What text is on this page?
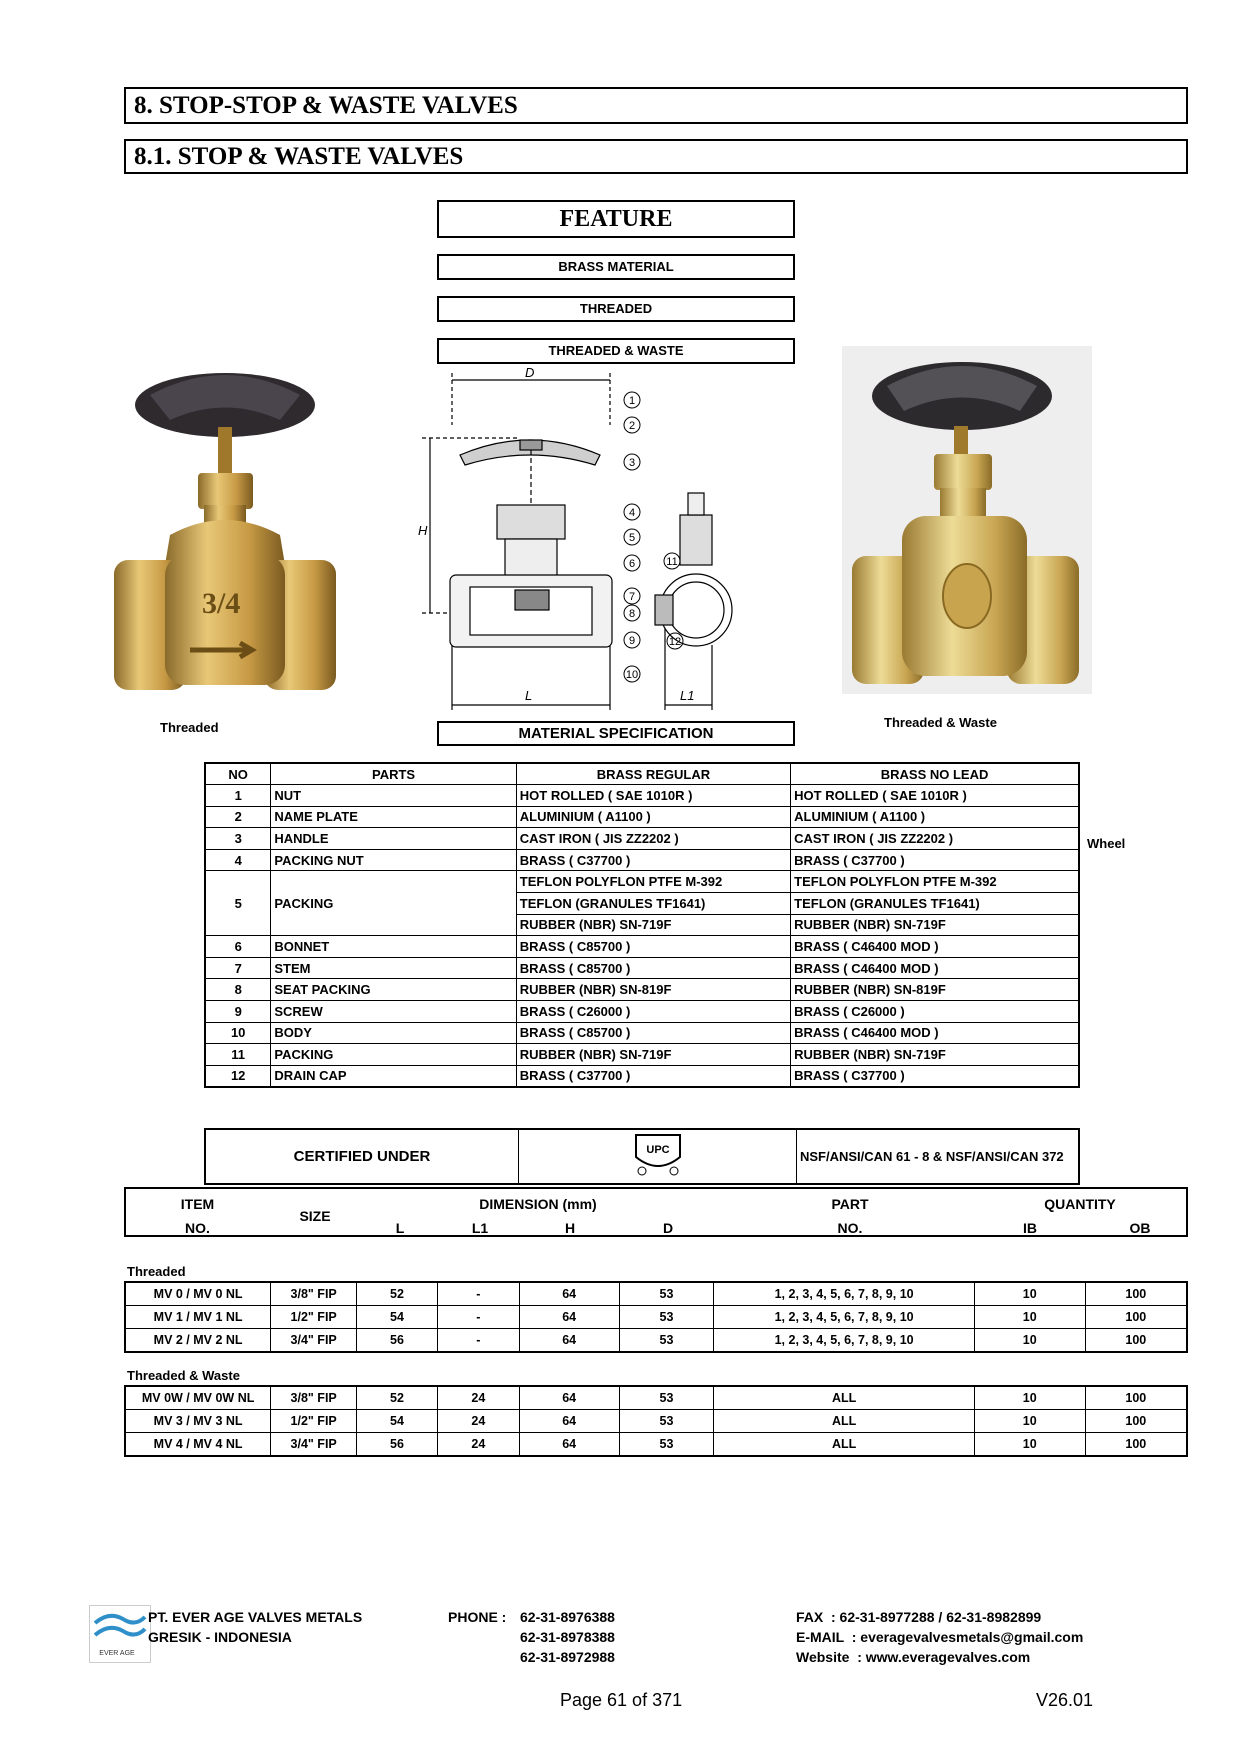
8. STOP-STOP & WASTE VALVES
8.1. STOP & WASTE VALVES
FEATURE
BRASS MATERIAL
THREADED
THREADED & WASTE
3/4
Threaded
D
H
L	L1
1
2
3
4
5
6
7
8
9
10
11
12
Threaded & Waste
MATERIAL SPECIFICATION
NO	PARTS	BRASS REGULAR	BRASS NO LEAD
1	NUT	HOT ROLLED ( SAE 1010R )	HOT ROLLED ( SAE 1010R )
2	NAME PLATE	ALUMINIUM ( A1100 )	ALUMINIUM ( A1100 )
3	HANDLE	CAST IRON ( JIS ZZ2202 )	CAST IRON ( JIS ZZ2202 )
4	PACKING NUT	BRASS ( C37700 )	BRASS ( C37700 )
5	PACKING	TEFLON POLYFLON PTFE M-392	TEFLON POLYFLON PTFE M-392
		TEFLON (GRANULES TF1641)	TEFLON (GRANULES TF1641)
		RUBBER (NBR) SN-719F	RUBBER (NBR) SN-719F
6	BONNET	BRASS ( C85700 )	BRASS ( C46400 MOD )
7	STEM	BRASS ( C85700 )	BRASS ( C46400 MOD )
8	SEAT PACKING	RUBBER (NBR) SN-819F	RUBBER (NBR) SN-819F
9	SCREW	BRASS ( C26000 )	BRASS ( C26000 )
10	BODY	BRASS ( C85700 )	BRASS ( C46400 MOD )
11	PACKING	RUBBER (NBR) SN-719F	RUBBER (NBR) SN-719F
12	DRAIN CAP	BRASS ( C37700 )	BRASS ( C37700 )
Wheel
CERTIFIED UNDER	UPC	NSF/ANSI/CAN 61 - 8 & NSF/ANSI/CAN 372
ITEM
NO.
SIZE
DIMENSION (mm)
L	L1	H	D
PART
NO.
QUANTITY
IB	OB
Threaded
MV 0 / MV 0 NL	3/8" FIP	52	-	64	53	1, 2, 3, 4, 5, 6, 7, 8, 9, 10	10	100
MV 1 / MV 1 NL	1/2" FIP	54	-	64	53	1, 2, 3, 4, 5, 6, 7, 8, 9, 10	10	100
MV 2 / MV 2 NL	3/4" FIP	56	-	64	53	1, 2, 3, 4, 5, 6, 7, 8, 9, 10	10	100
Threaded & Waste
MV 0W / MV 0W NL	3/8" FIP	52	24	64	53	ALL	10	100
MV 3 / MV 3 NL	1/2" FIP	54	24	64	53	ALL	10	100
MV 4 / MV 4 NL	3/4" FIP	56	24	64	53	ALL	10	100
EVER AGE
PT. EVER AGE VALVES METALS
GRESIK - INDONESIA
PHONE : 62-31-8976388
62-31-8978388
62-31-8972988
FAX  : 62-31-8977288 / 62-31-8982899
E-MAIL  : everagevalvesmetals@gmail.com
Website  : www.everagevalves.com
Page 61 of 371	V26.01
